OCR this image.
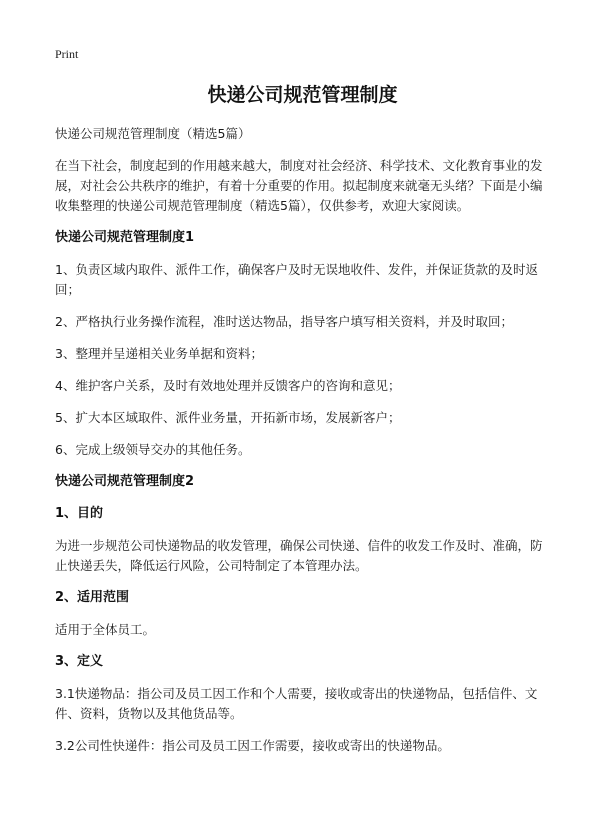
Print
快递公司规范管理制度

快递公司规范管理制度（精选5篇）

在当下社会，制度起到的作用越来越大，制度对社会经济、科学技术、文化教育事业的发展，对社会公共秩序的维护，有着十分重要的作用。拟起制度来就毫无头绪？下面是小编收集整理的快递公司规范管理制度（精选5篇），仅供参考，欢迎大家阅读。

快递公司规范管理制度1

1、负责区域内取件、派件工作，确保客户及时无误地收件、发件，并保证货款的及时返回；

2、严格执行业务操作流程，准时送达物品，指导客户填写相关资料，并及时取回；

3、整理并呈递相关业务单据和资料；

4、维护客户关系，及时有效地处理并反馈客户的咨询和意见；

5、扩大本区域取件、派件业务量，开拓新市场，发展新客户；

6、完成上级领导交办的其他任务。

快递公司规范管理制度2
1、目的

为进一步规范公司快递物品的收发管理，确保公司快递、信件的收发工作及时、准确，防止快递丢失，降低运行风险，公司特制定了本管理办法。

2、适用范围

适用于全体员工。

3、定义

3.1快递物品：指公司及员工因工作和个人需要，接收或寄出的快递物品，包括信件、文件、资料，货物以及其他货品等。

3.2公司性快递件：指公司及员工因工作需要，接收或寄出的快递物品。
